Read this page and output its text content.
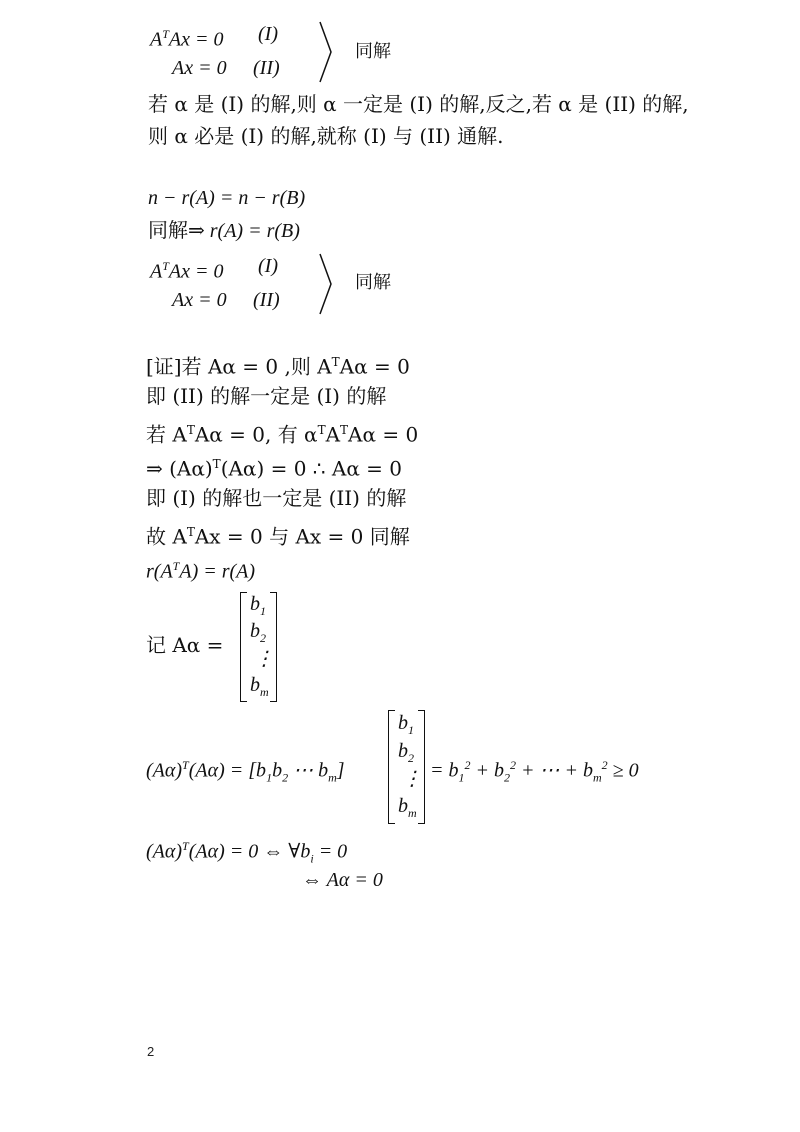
$A^TAx = 0$ (I)
Ax = 0 (II)
同解
若 α 是 (I) 的解,则 α 一定是 (I) 的解,反之,若 α 是 (II) 的解,
则 α 必是 (I) 的解,就称 (I) 与 (II) 通解.
n − r(A) = n − r(B)
同解⇒ r(A) = r(B)
$A^TAx = 0$ (I)
Ax = 0 (II)
同解
[证]若 Aα = 0 ,则 $A^TA\alpha = 0$
即 (II) 的解一定是 (I) 的解
若 $A^TA\alpha = 0$, 有 $\alpha^TA^TA\alpha = 0$
⇒ $(A\alpha)^T(A\alpha) = 0$ ∴ Aα = 0
即 (I) 的解也一定是 (II) 的解
故 $A^TAx = 0$ 与 Ax = 0 同解
$r(A^TA) = r(A)$
记 Aα =
$b_1$
$b_2$
⋮
$b_m$
$(A\alpha)^T(A\alpha) = [b_1b_2$ ⋯ $b_m$]
$b_1$
$b_2$
⋮
$b_m$
= $b_1^2 + b_2^2$ + ⋯ + $b_m^2 \ge 0$
$(A\alpha)^T(A\alpha) = 0$ ⇔ $\forall b_i = 0$
⇔ Aα = 0
2
